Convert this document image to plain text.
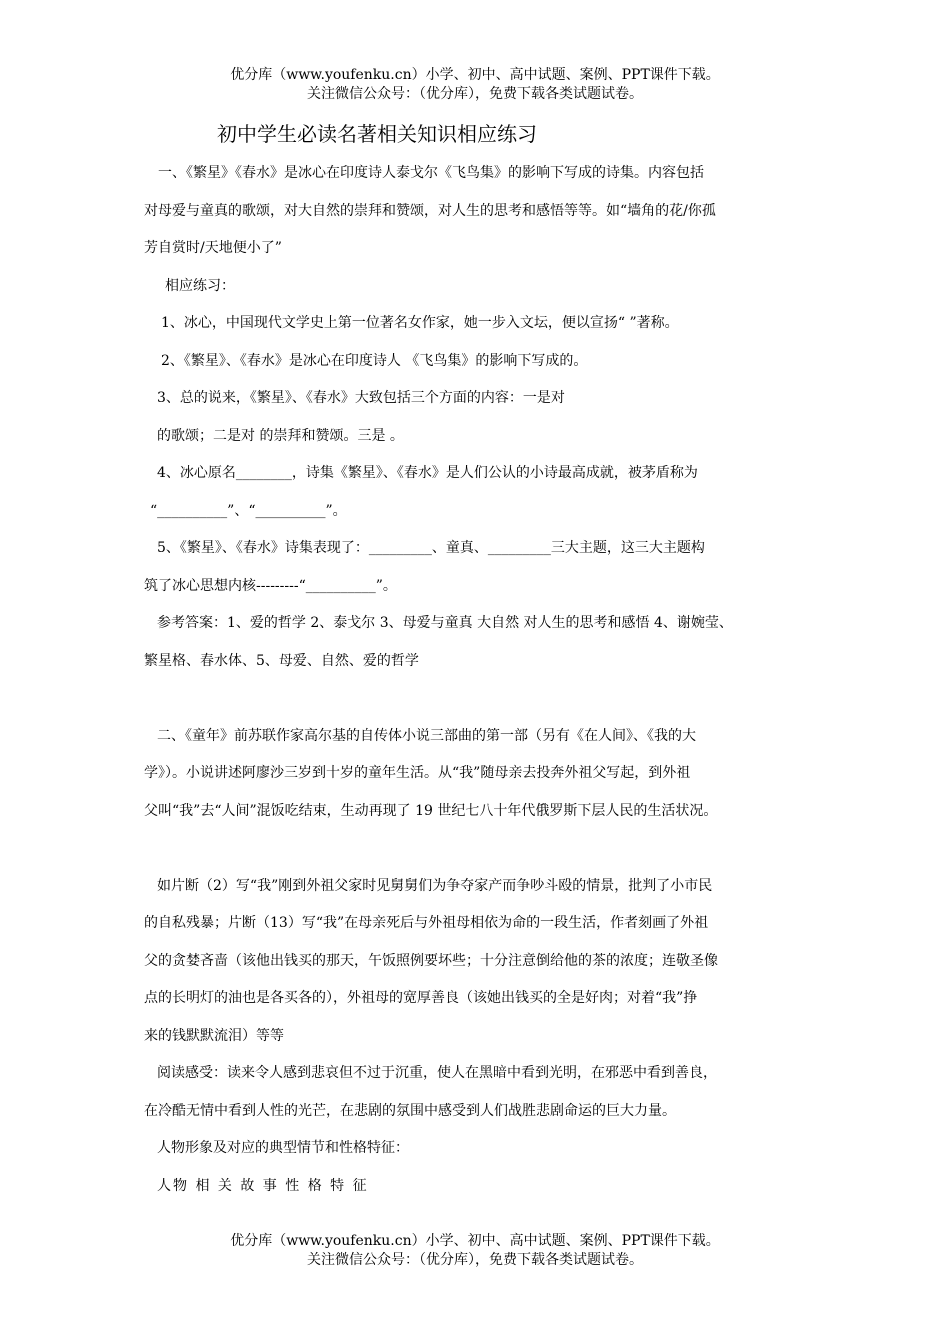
优分库（www.youfenku.cn）小学、初中、高中试题、案例、PPT课件下载。
关注微信公众号：（优分库），免费下载各类试题试卷。
初中学生必读名著相关知识相应练习
一、《繁星》《春水》是冰心在印度诗人泰戈尔《飞鸟集》的影响下写成的诗集。内容包括
对母爱与童真的歌颂，对大自然的崇拜和赞颂，对人生的思考和感悟等等。如“墙角的花/你孤
芳自赏时/天地便小了”
相应练习：
1、冰心，中国现代文学史上第一位著名女作家，她一步入文坛，便以宣扬“ ”著称。
2、《繁星》、《春水》是冰心在印度诗人 《飞鸟集》的影响下写成的。
3、总的说来，《繁星》、《春水》大致包括三个方面的内容：一是对
的歌颂；二是对 的崇拜和赞颂。三是 。
4、冰心原名________，诗集《繁星》、《春水》是人们公认的小诗最高成就，被茅盾称为
“__________”、“__________”。
5、《繁星》、《春水》诗集表现了：_________、童真、_________三大主题，这三大主题构
筑了冰心思想内核---------“__________”。
参考答案：1、爱的哲学 2、泰戈尔 3、母爱与童真 大自然 对人生的思考和感悟 4、谢婉莹、
繁星格、春水体、5、母爱、自然、爱的哲学
二、《童年》前苏联作家高尔基的自传体小说三部曲的第一部（另有《在人间》、《我的大
学》）。小说讲述阿廖沙三岁到十岁的童年生活。从“我”随母亲去投奔外祖父写起，到外祖
父叫“我”去“人间”混饭吃结束，生动再现了 19 世纪七八十年代俄罗斯下层人民的生活状况。
如片断（2）写“我”刚到外祖父家时见舅舅们为争夺家产而争吵斗殴的情景，批判了小市民
的自私残暴；片断（13）写“我”在母亲死后与外祖母相依为命的一段生活，作者刻画了外祖
父的贪婪吝啬（该他出钱买的那天，午饭照例要坏些；十分注意倒给他的茶的浓度；连敬圣像
点的长明灯的油也是各买各的），外祖母的宽厚善良（该她出钱买的全是好肉；对着“我”挣
来的钱默默流泪）等等
阅读感受：读来令人感到悲哀但不过于沉重，使人在黑暗中看到光明，在邪恶中看到善良，
在冷酷无情中看到人性的光芒，在悲剧的氛围中感受到人们战胜悲剧命运的巨大力量。
人物形象及对应的典型情节和性格特征：
人物 相 关 故 事 性 格 特 征
优分库（www.youfenku.cn）小学、初中、高中试题、案例、PPT课件下载。
关注微信公众号：（优分库），免费下载各类试题试卷。
